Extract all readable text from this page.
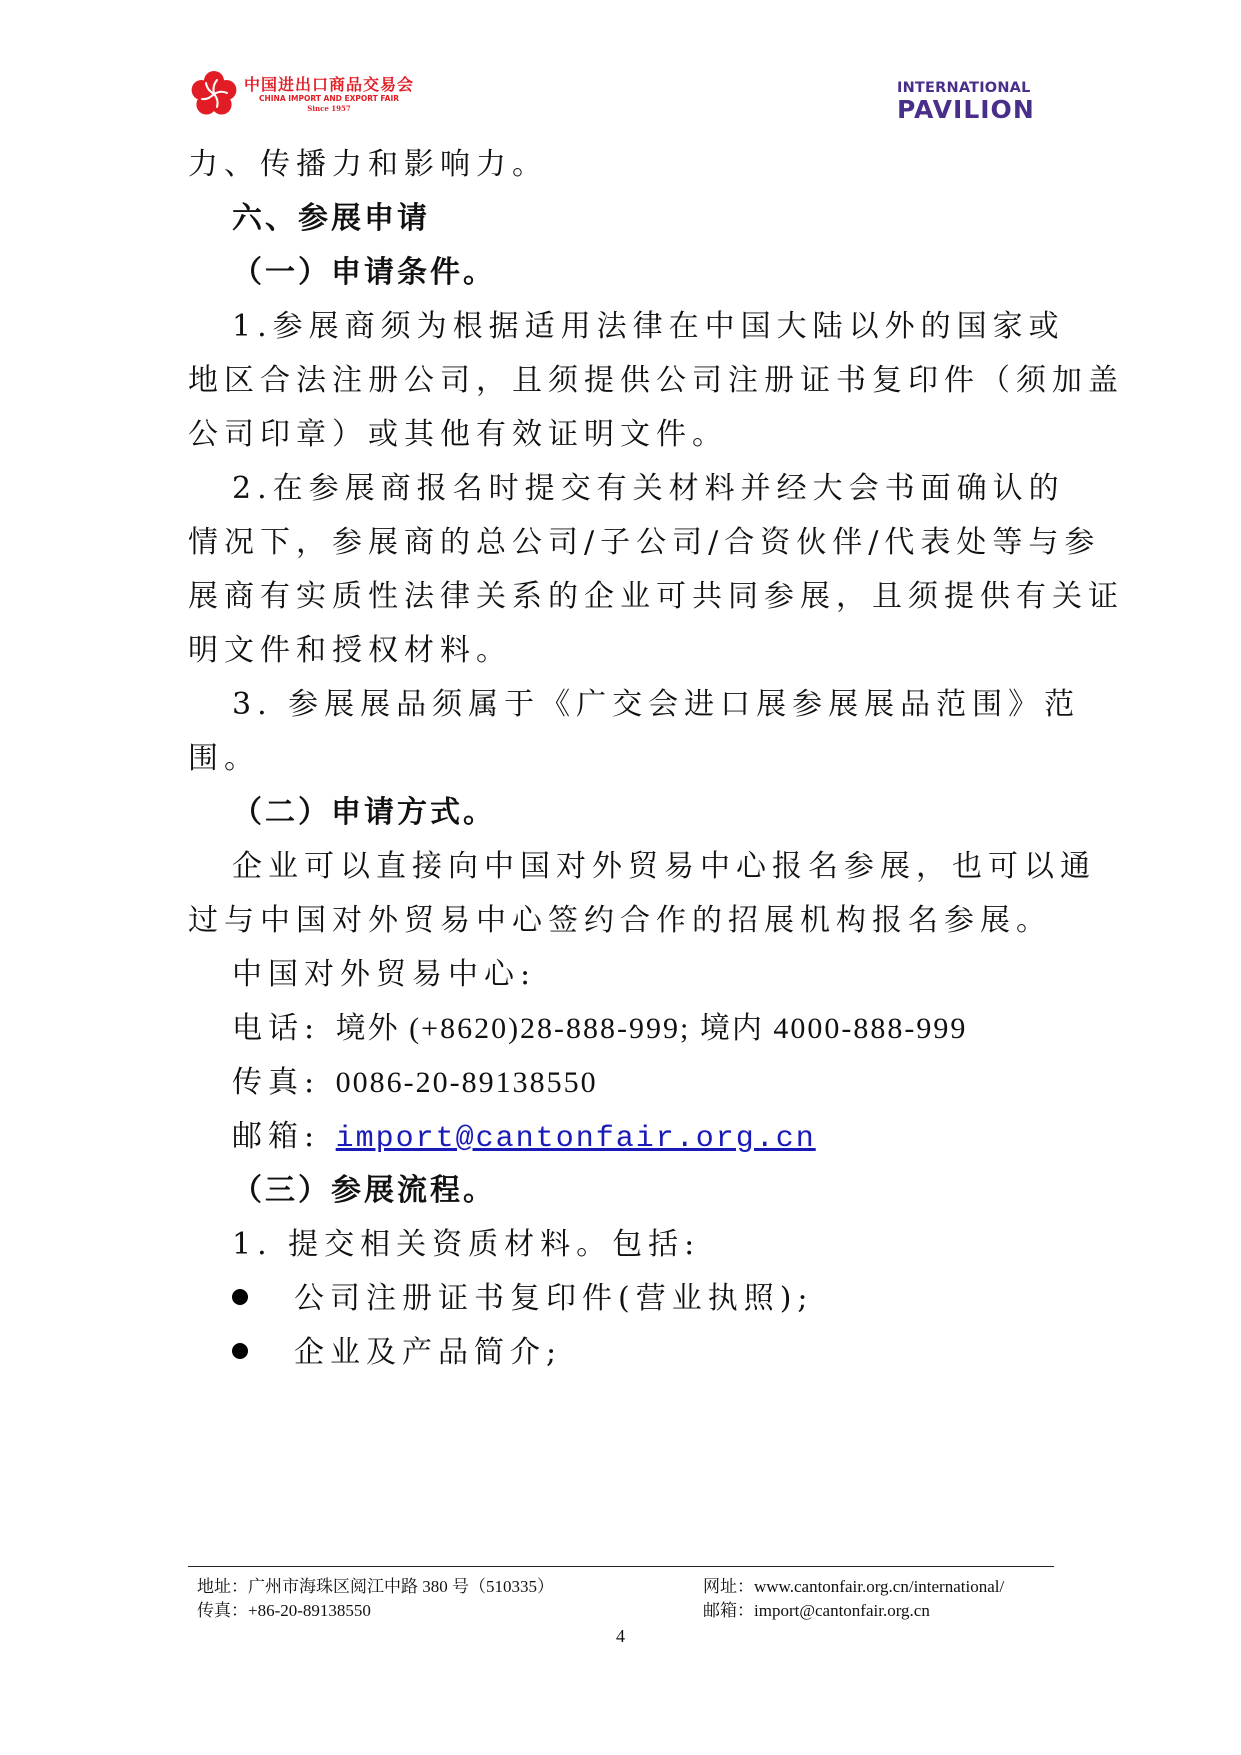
中国进出口商品交易会
CHINA IMPORT AND EXPORT FAIR
Since 1957
INTERNATIONAL
PAVILION
力、传播力和影响力。
六、参展申请
（一）申请条件。
1.参展商须为根据适用法律在中国大陆以外的国家或
地区合法注册公司，且须提供公司注册证书复印件（须加盖
公司印章）或其他有效证明文件。
2.在参展商报名时提交有关材料并经大会书面确认的
情况下，参展商的总公司/子公司/合资伙伴/代表处等与参
展商有实质性法律关系的企业可共同参展，且须提供有关证
明文件和授权材料。
3. 参展展品须属于《广交会进口展参展展品范围》范
围。
（二）申请方式。
企业可以直接向中国对外贸易中心报名参展，也可以通
过与中国对外贸易中心签约合作的招展机构报名参展。
中国对外贸易中心:
电话: 境外 (+8620)28-888-999; 境内 4000-888-999
传真: 0086-20-89138550
邮箱: import@cantonfair.org.cn
（三）参展流程。
1. 提交相关资质材料。包括:
公司注册证书复印件(营业执照);
企业及产品简介;
地址：广州市海珠区阅江中路 380 号（510335）
传真：+86-20-89138550
网址：www.cantonfair.org.cn/international/
邮箱：import@cantonfair.org.cn
4
